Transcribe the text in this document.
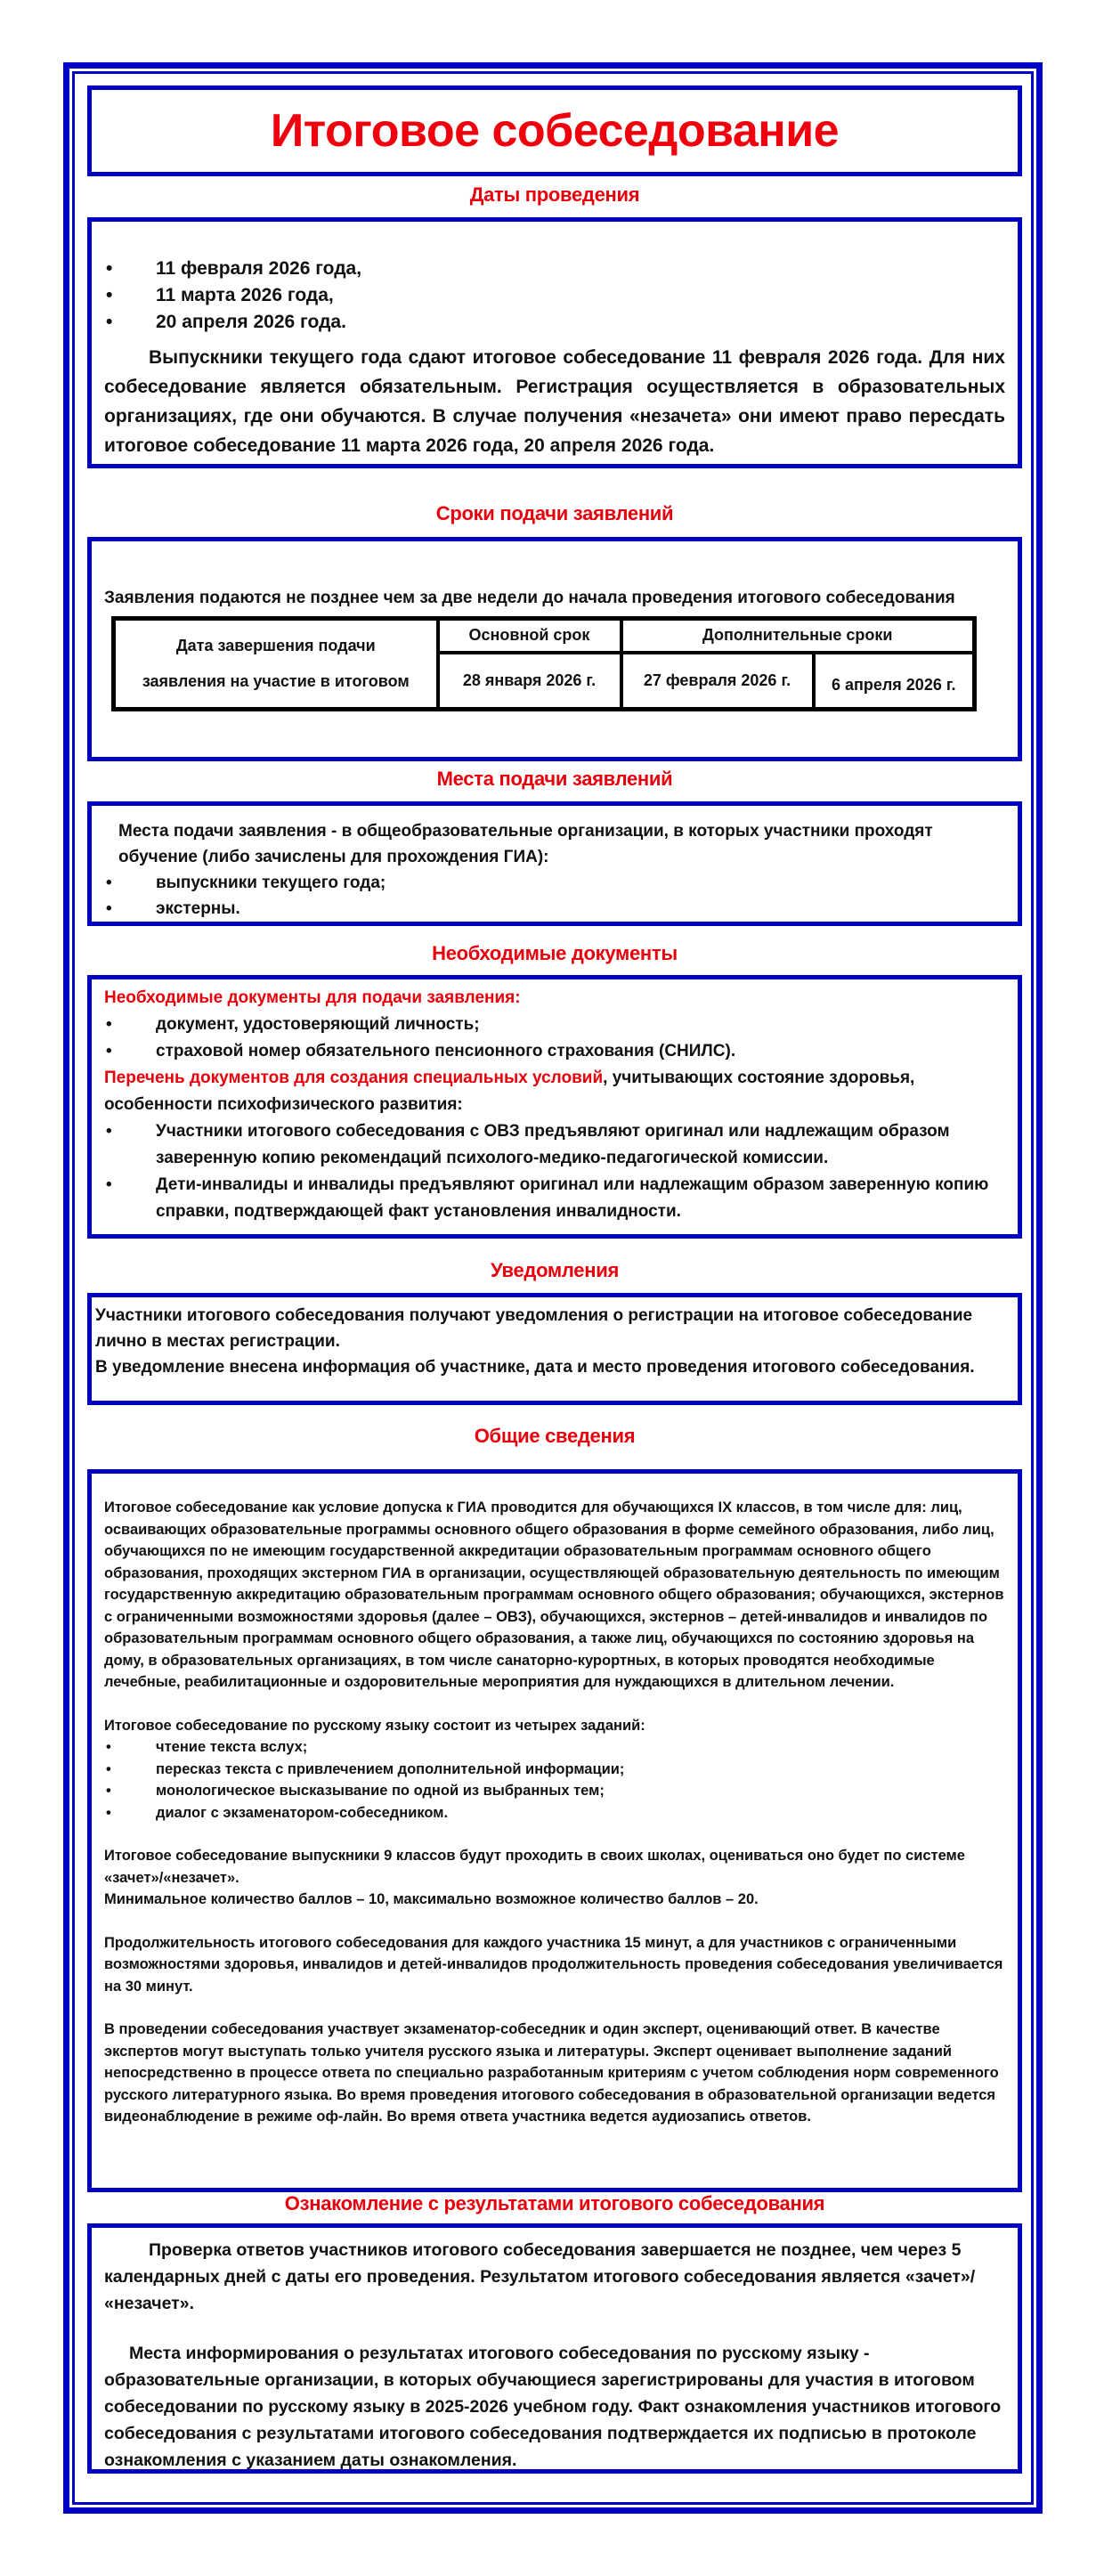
Итоговое собеседование
Даты проведения
• 11 февраля 2026 года,
• 11 марта 2026 года,
• 20 апреля 2026 года.

Выпускники текущего года сдают итоговое собеседование 11 февраля 2026 года. Для них собеседование является обязательным. Регистрация осуществляется в образовательных организациях, где они обучаются. В случае получения «незачета» они имеют право пересдать итоговое собеседование 11 марта 2026 года, 20 апреля 2026 года.

Сроки подачи заявлений

Заявления подаются не позднее чем за две недели до начала проведения итогового собеседования

Дата завершения подачи
заявления на участие в итоговом	Основной срок	Дополнительные сроки	
	28 января 2026 г.	27 февраля 2026 г.	6 апреля 2026 г.
Места подачи заявлений

Места подачи заявления - в общеобразовательные организации, в которых участники проходят обучение (либо зачислены для прохождения ГИА):

• выпускники текущего года;
• экстерны.
Необходимые документы

Необходимые документы для подачи заявления:

• документ, удостоверяющий личность;
• страховой номер обязательного пенсионного страхования (СНИЛС).

Перечень документов для создания специальных условий, учитывающих состояние здоровья, особенности психофизического развития:

• Участники итогового собеседования с ОВЗ предъявляют оригинал или надлежащим образом заверенную копию рекомендаций психолого-медико-педагогической комиссии.
• Дети-инвалиды и инвалиды предъявляют оригинал или надлежащим образом заверенную копию справки, подтверждающей факт установления инвалидности.
Уведомления

Участники итогового собеседования получают уведомления о регистрации на итоговое собеседование лично в местах регистрации.

В уведомление внесена информация об участнике, дата и место проведения итогового собеседования.

Общие сведения

Итоговое собеседование как условие допуска к ГИА проводится для обучающихся IX классов, в том числе для: лиц, осваивающих образовательные программы основного общего образования в форме семейного образования, либо лиц, обучающихся по не имеющим государственной аккредитации образовательным программам основного общего образования, проходящих экстерном ГИА в организации, осуществляющей образовательную деятельность по имеющим государственную аккредитацию образовательным программам основного общего образования; обучающихся, экстернов с ограниченными возможностями здоровья (далее – ОВЗ), обучающихся, экстернов – детей-инвалидов и инвалидов по образовательным программам основного общего образования, а также лиц, обучающихся по состоянию здоровья на дому, в образовательных организациях, в том числе санаторно-курортных, в которых проводятся необходимые лечебные, реабилитационные и оздоровительные мероприятия для нуждающихся в длительном лечении.

Итоговое собеседование по русскому языку состоит из четырех заданий:

• чтение текста вслух;
• пересказ текста с привлечением дополнительной информации;
• монологическое высказывание по одной из выбранных тем;
• диалог с экзаменатором-собеседником.

Итоговое собеседование выпускники 9 классов будут проходить в своих школах, оцениваться оно будет по системе «зачет»/«незачет».

Минимальное количество баллов – 10, максимально возможное количество баллов – 20.

Продолжительность итогового собеседования для каждого участника 15 минут, а для участников с ограниченными возможностями здоровья, инвалидов и детей-инвалидов продолжительность проведения собеседования увеличивается на 30 минут.

В проведении собеседования участвует экзаменатор-собеседник и один эксперт, оценивающий ответ. В качестве экспертов могут выступать только учителя русского языка и литературы. Эксперт оценивает выполнение заданий непосредственно в процессе ответа по специально разработанным критериям с учетом соблюдения норм современного русского литературного языка. Во время проведения итогового собеседования в образовательной организации ведется видеонаблюдение в режиме оф-лайн. Во время ответа участника ведется аудиозапись ответов.

Ознакомление с результатами итогового собеседования

Проверка ответов участников итогового собеседования завершается не позднее, чем через 5 календарных дней с даты его проведения. Результатом итогового собеседования является «зачет»/ «незачет».

Места информирования о результатах итогового собеседования по русскому языку - образовательные организации, в которых обучающиеся зарегистрированы для участия в итоговом собеседовании по русскому языку в 2025-2026 учебном году. Факт ознакомления участников итогового собеседования с результатами итогового собеседования подтверждается их подписью в протоколе ознакомления с указанием даты ознакомления.
